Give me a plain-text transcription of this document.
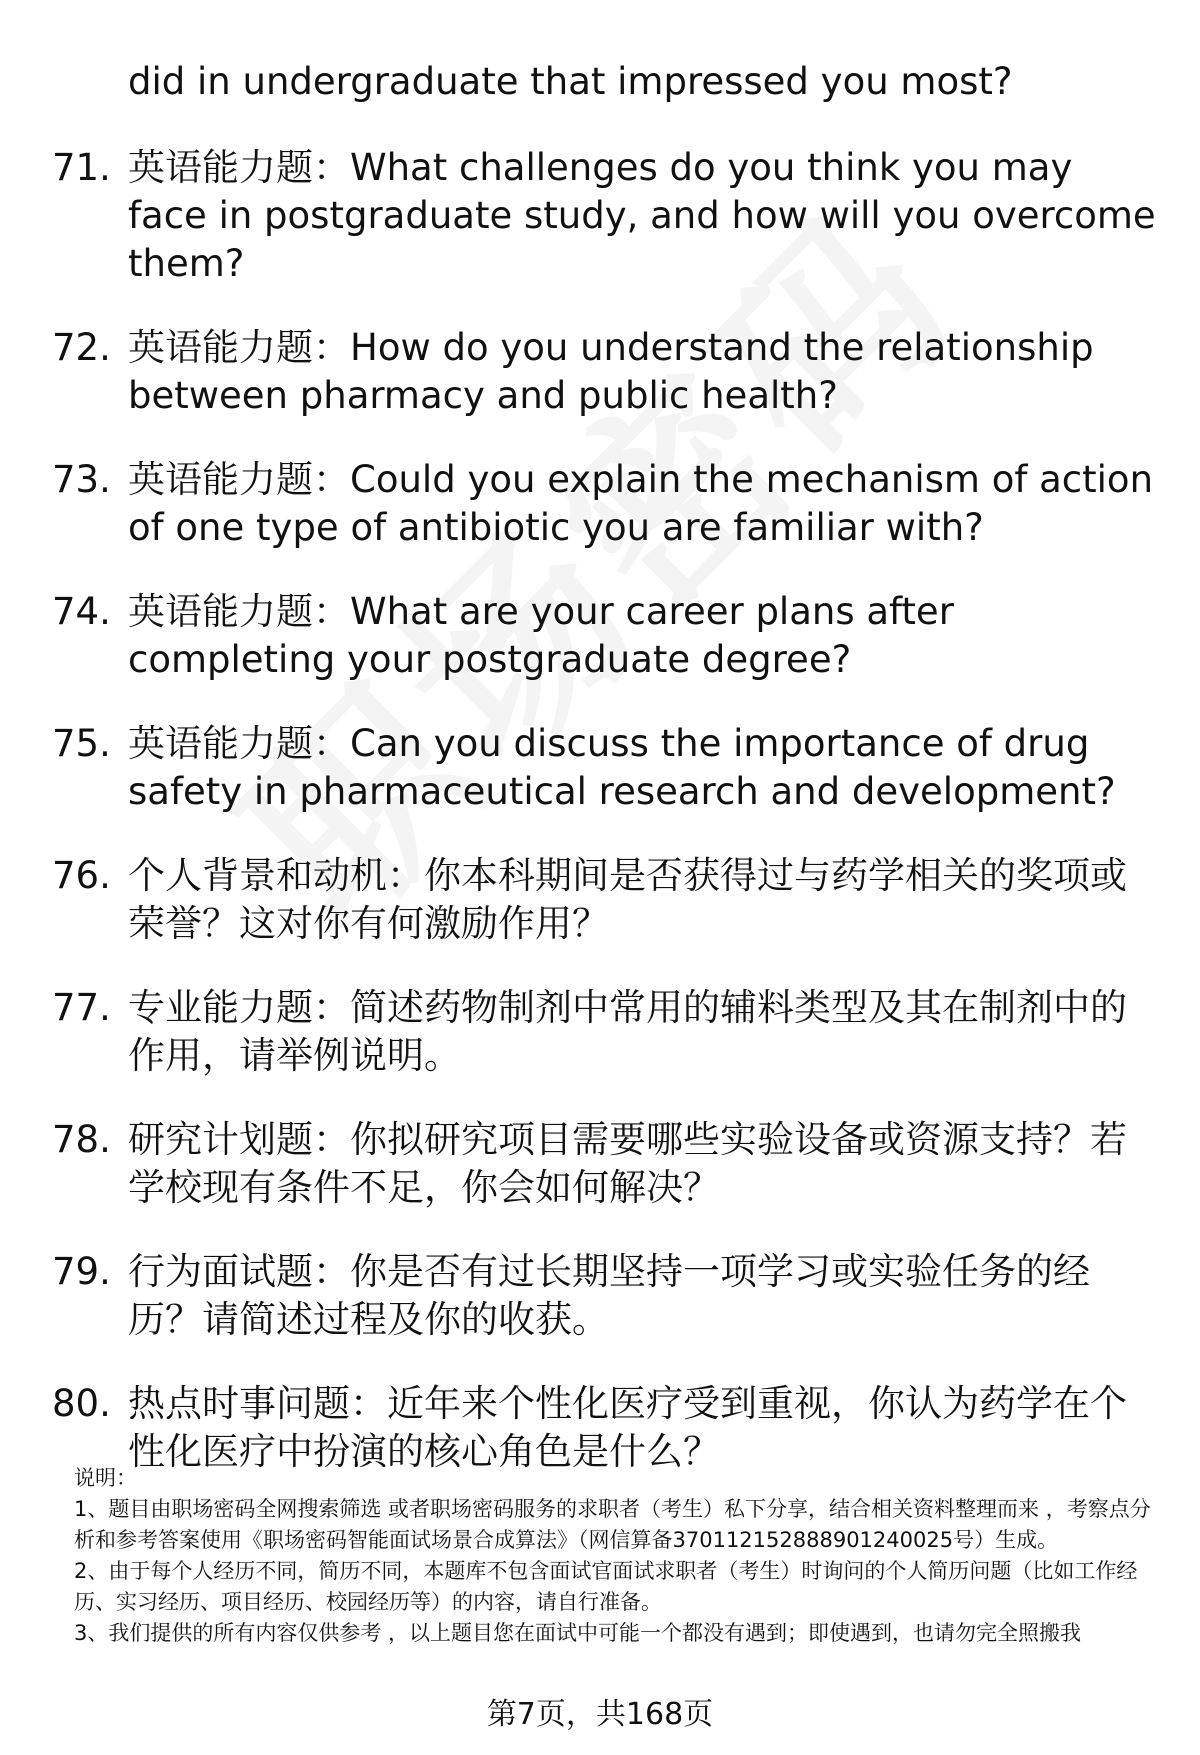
did in undergraduate that impressed you most?
71. 英语能力题：What challenges do you think you may face in postgraduate study, and how will you overcome them?
72. 英语能力题：How do you understand the relationship between pharmacy and public health?
73. 英语能力题：Could you explain the mechanism of action of one type of antibiotic you are familiar with?
74. 英语能力题：What are your career plans after completing your postgraduate degree?
75. 英语能力题：Can you discuss the importance of drug safety in pharmaceutical research and development?
76. 个人背景和动机：你本科期间是否获得过与药学相关的奖项或荣誉？这对你有何激励作用？
77. 专业能力题：简述药物制剂中常用的辅料类型及其在制剂中的作用，请举例说明。
78. 研究计划题：你拟研究项目需要哪些实验设备或资源支持？若学校现有条件不足，你会如何解决？
79. 行为面试题：你是否有过长期坚持一项学习或实验任务的经历？请简述过程及你的收获。
80. 热点时事问题：近年来个性化医疗受到重视，你认为药学在个性化医疗中扮演的核心角色是什么？
说明：
1、题目由职场密码全网搜索筛选 或者职场密码服务的求职者（考生）私下分享，结合相关资料整理而来 ，考察点分析和参考答案使用《职场密码智能面试场景合成算法》（网信算备370112152888901240025号）生成。
2、由于每个人经历不同，简历不同，本题库不包含面试官面试求职者（考生）时询问的个人简历问题（比如工作经历、实习经历、项目经历、校园经历等）的内容，请自行准备。
3、我们提供的所有内容仅供参考 ，以上题目您在面试中可能一个都没有遇到；即使遇到，也请勿完全照搬我
第7页，共168页
